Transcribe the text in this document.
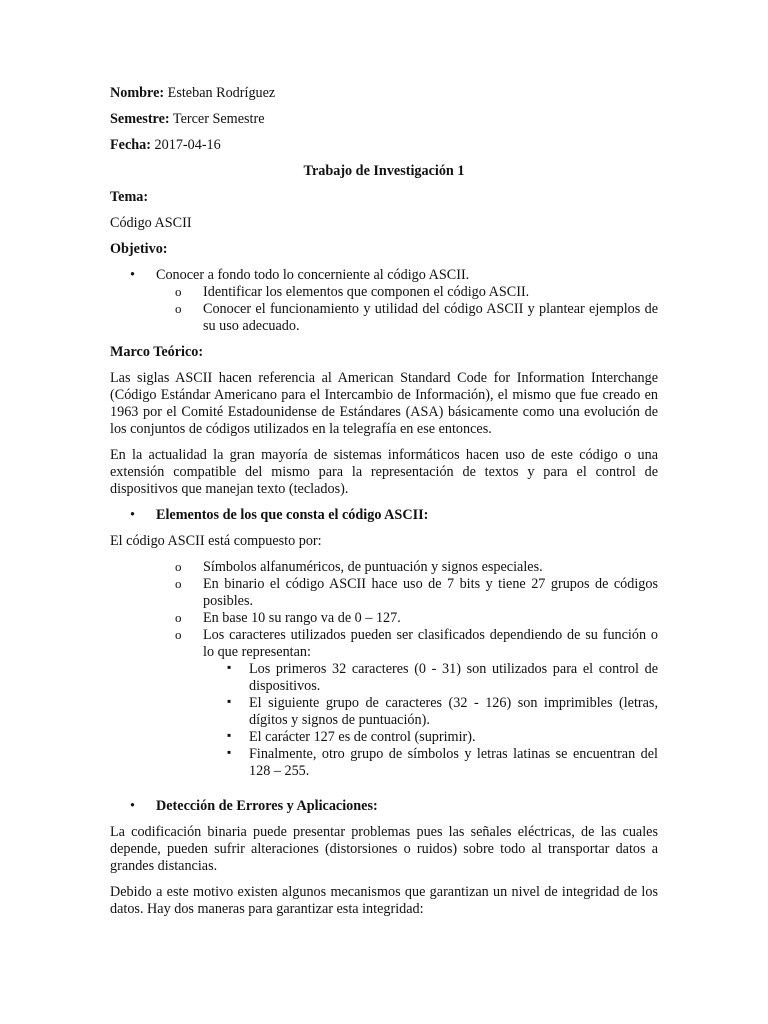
Nombre: Esteban Rodríguez

Semestre: Tercer Semestre

Fecha: 2017-04-16

Trabajo de Investigación 1

Tema:

Código ASCII

Objetivo:

• Conocer a fondo todo lo concerniente al código ASCII.
o Identificar los elementos que componen el código ASCII.
o Conocer el funcionamiento y utilidad del código ASCII y plantear ejemplos de su uso adecuado.

Marco Teórico:

Las siglas ASCII hacen referencia al American Standard Code for Information Interchange (Código Estándar Americano para el Intercambio de Información), el mismo que fue creado en 1963 por el Comité Estadounidense de Estándares (ASA) básicamente como una evolución de los conjuntos de códigos utilizados en la telegrafía en ese entonces.

En la actualidad la gran mayoría de sistemas informáticos hacen uso de este código o una extensión compatible del mismo para la representación de textos y para el control de dispositivos que manejan texto (teclados).

• Elementos de los que consta el código ASCII:

El código ASCII está compuesto por:

o Símbolos alfanuméricos, de puntuación y signos especiales.
o En binario el código ASCII hace uso de 7 bits y tiene 27 grupos de códigos posibles.
o En base 10 su rango va de 0 – 127.
o Los caracteres utilizados pueden ser clasificados dependiendo de su función o lo que representan:
▪ Los primeros 32 caracteres (0 - 31) son utilizados para el control de dispositivos.
▪ El siguiente grupo de caracteres (32 - 126) son imprimibles (letras, dígitos y signos de puntuación).
▪ El carácter 127 es de control (suprimir).
▪ Finalmente, otro grupo de símbolos y letras latinas se encuentran del 128 – 255.
• Detección de Errores y Aplicaciones:

La codificación binaria puede presentar problemas pues las señales eléctricas, de las cuales depende, pueden sufrir alteraciones (distorsiones o ruidos) sobre todo al transportar datos a grandes distancias.

Debido a este motivo existen algunos mecanismos que garantizan un nivel de integridad de los datos. Hay dos maneras para garantizar esta integridad:
